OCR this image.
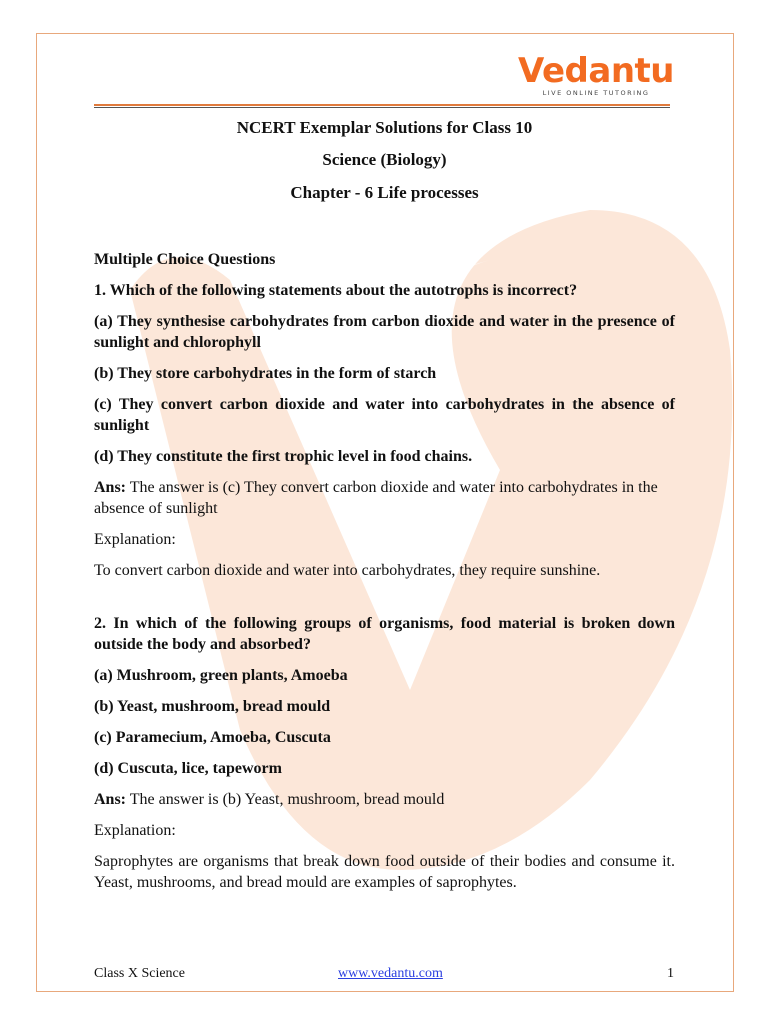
Vedantu
LIVE ONLINE TUTORING

NCERT Exemplar Solutions for Class 10

Science (Biology)

Chapter - 6 Life processes

Multiple Choice Questions

1. Which of the following statements about the autotrophs is incorrect?

(a) They synthesise carbohydrates from carbon dioxide and water in the presence of sunlight and chlorophyll

(b) They store carbohydrates in the form of starch

(c) They convert carbon dioxide and water into carbohydrates in the absence of sunlight

(d) They constitute the first trophic level in food chains.

Ans: The answer is (c) They convert carbon dioxide and water into carbohydrates in the absence of sunlight

Explanation:

To convert carbon dioxide and water into carbohydrates, they require sunshine.

2. In which of the following groups of organisms, food material is broken down outside the body and absorbed?

(a) Mushroom, green plants, Amoeba

(b) Yeast, mushroom, bread mould

(c) Paramecium, Amoeba, Cuscuta

(d) Cuscuta, lice, tapeworm

Ans: The answer is (b) Yeast, mushroom, bread mould

Explanation:

Saprophytes are organisms that break down food outside of their bodies and consume it. Yeast, mushrooms, and bread mould are examples of saprophytes.

Class X Science	www.vedantu.com	1
